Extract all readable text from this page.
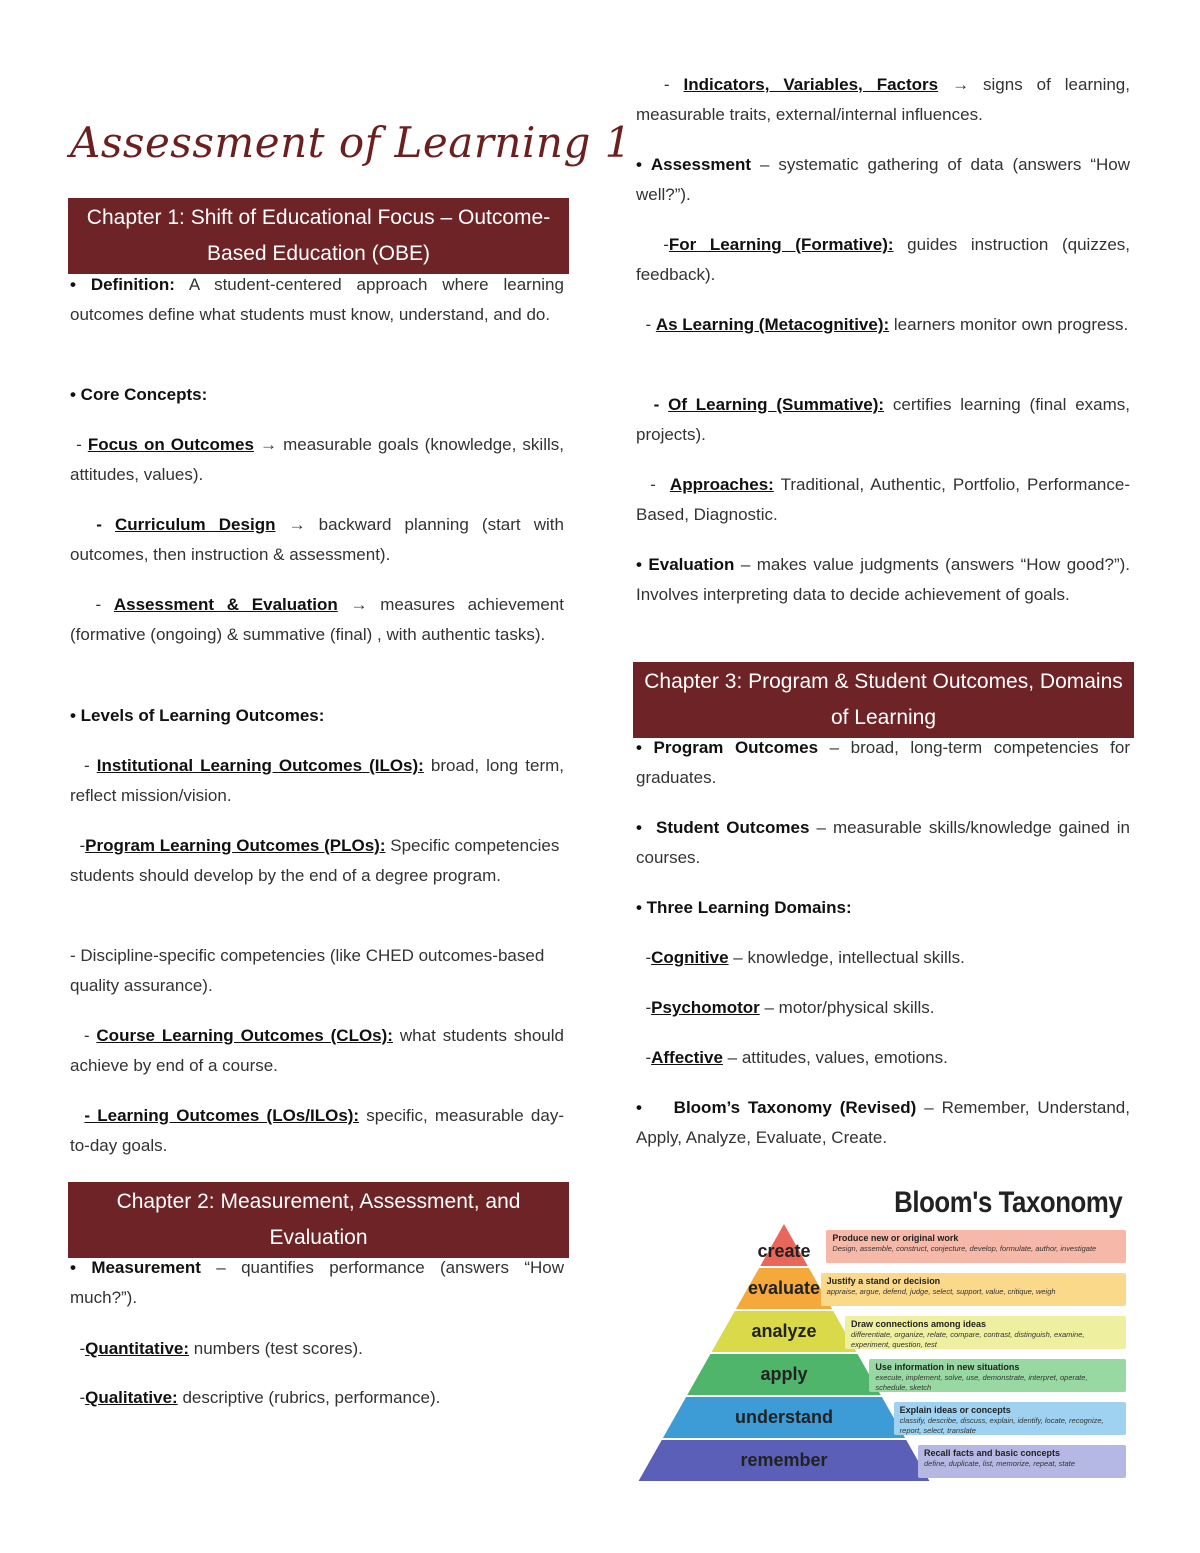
Assessment of Learning 1
Chapter 1: Shift of Educational Focus – Outcome-Based Education (OBE)

• Definition: A student-centered approach where learning outcomes define what students must know, understand, and do.

• Core Concepts:

- Focus on Outcomes → measurable goals (knowledge, skills, attitudes, values).

- Curriculum Design → backward planning (start with outcomes, then instruction & assessment).

- Assessment & Evaluation → measures achievement (formative (ongoing) & summative (final) , with authentic tasks).

• Levels of Learning Outcomes:

- Institutional Learning Outcomes (ILOs): broad, long term, reflect mission/vision.

-Program Learning Outcomes (PLOs): Specific competencies students should develop by the end of a degree program.

- Discipline-specific competencies (like CHED outcomes-based quality assurance).

- Course Learning Outcomes (CLOs): what students should achieve by end of a course.

- Learning Outcomes (LOs/ILOs): specific, measurable day-to-day goals.

Chapter 2: Measurement, Assessment, and Evaluation

• Measurement – quantifies performance (answers “How much?”).

-Quantitative: numbers (test scores).

-Qualitative: descriptive (rubrics, performance).

- Indicators, Variables, Factors → signs of learning, measurable traits, external/internal influences.

• Assessment – systematic gathering of data (answers “How well?”).

-For Learning (Formative): guides instruction (quizzes, feedback).

- As Learning (Metacognitive): learners monitor own progress.

- Of Learning (Summative): certifies learning (final exams, projects).

-  Approaches: Traditional, Authentic, Portfolio, Performance-Based, Diagnostic.

• Evaluation – makes value judgments (answers “How good?”). Involves interpreting data to decide achievement of goals.

Chapter 3: Program & Student Outcomes, Domains of Learning

• Program Outcomes – broad, long-term competencies for graduates.

• Student Outcomes – measurable skills/knowledge gained in courses.

• Three Learning Domains:

-Cognitive – knowledge, intellectual skills.

-Psychomotor – motor/physical skills.

-Affective – attitudes, values, emotions.

• Bloom’s Taxonomy (Revised) – Remember, Understand, Apply, Analyze, Evaluate, Create.

Bloom's Taxonomy
create
Produce new or original work
Design, assemble, construct, conjecture, develop, formulate, author, investigate
evaluate Justify a stand or decision
appraise, argue, defend, judge, select, support, value, critique, weigh
analyze	Draw connections among ideas
differentiate, organize, relate, compare, contrast, distinguish, examine, experiment, question, test
apply	Use information in new situations
execute, implement, solve, use, demonstrate, interpret, operate, schedule, sketch
understand	Explain ideas or concepts
classify, describe, discuss, explain, identify, locate, recognize, report, select, translate
remember	Recall facts and basic concepts
define, duplicate, list, memorize, repeat, state
